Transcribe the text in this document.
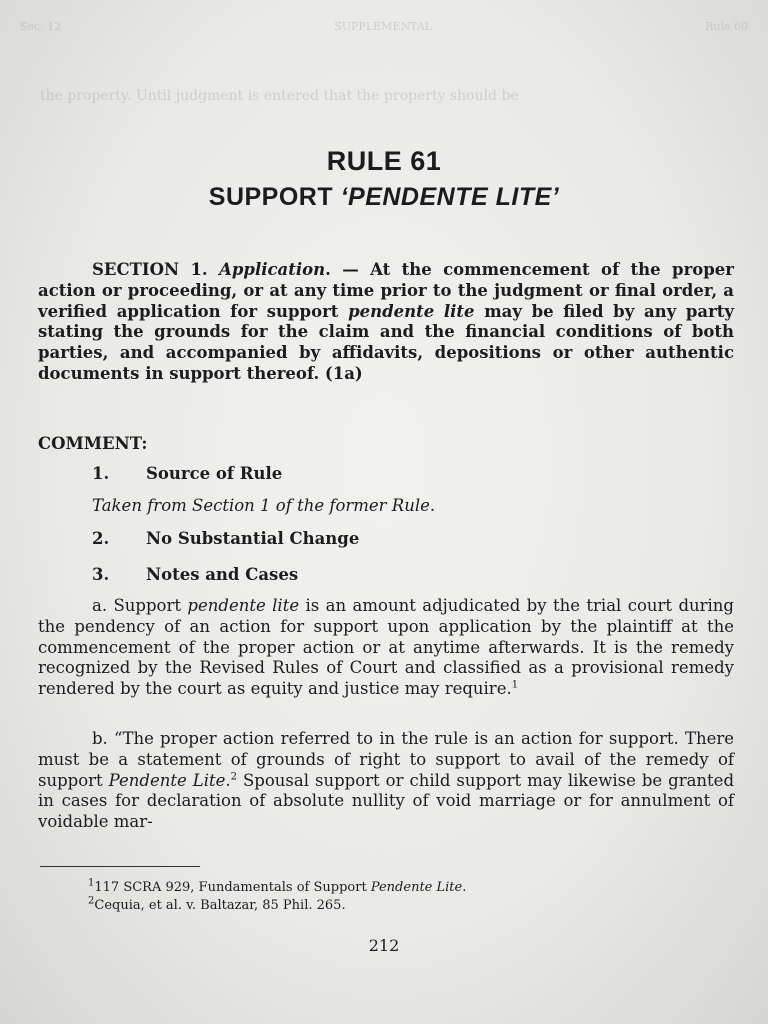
Sec. 12	SUPPLEMENTAL	Rule 60
the property. Until judgment is entered that the property should be
RULE 61
SUPPORT ‘PENDENTE LITE’
SECTION 1. Application. — At the commencement of the proper action or proceeding, or at any time prior to the judgment or final order, a verified application for support pendente lite may be filed by any party stating the grounds for the claim and the financial conditions of both parties, and accompanied by affidavits, depositions or other authentic documents in support thereof. (1a)
COMMENT:
1. Source of Rule
Taken from Section 1 of the former Rule.
2. No Substantial Change
3. Notes and Cases
a. Support pendente lite is an amount adjudicated by the trial court during the pendency of an action for support upon application by the plaintiff at the commencement of the proper action or at anytime afterwards. It is the remedy recognized by the Revised Rules of Court and classified as a provisional remedy rendered by the court as equity and justice may require.$^1$
b. “The proper action referred to in the rule is an action for support. There must be a statement of grounds of right to support to avail of the remedy of support Pendente Lite.$^2$ Spousal support or child support may likewise be granted in cases for declaration of absolute nullity of void marriage or for annulment of voidable mar-
$^1$117 SCRA 929, Fundamentals of Support Pendente Lite.
$^2$Cequia, et al. v. Baltazar, 85 Phil. 265.
212
